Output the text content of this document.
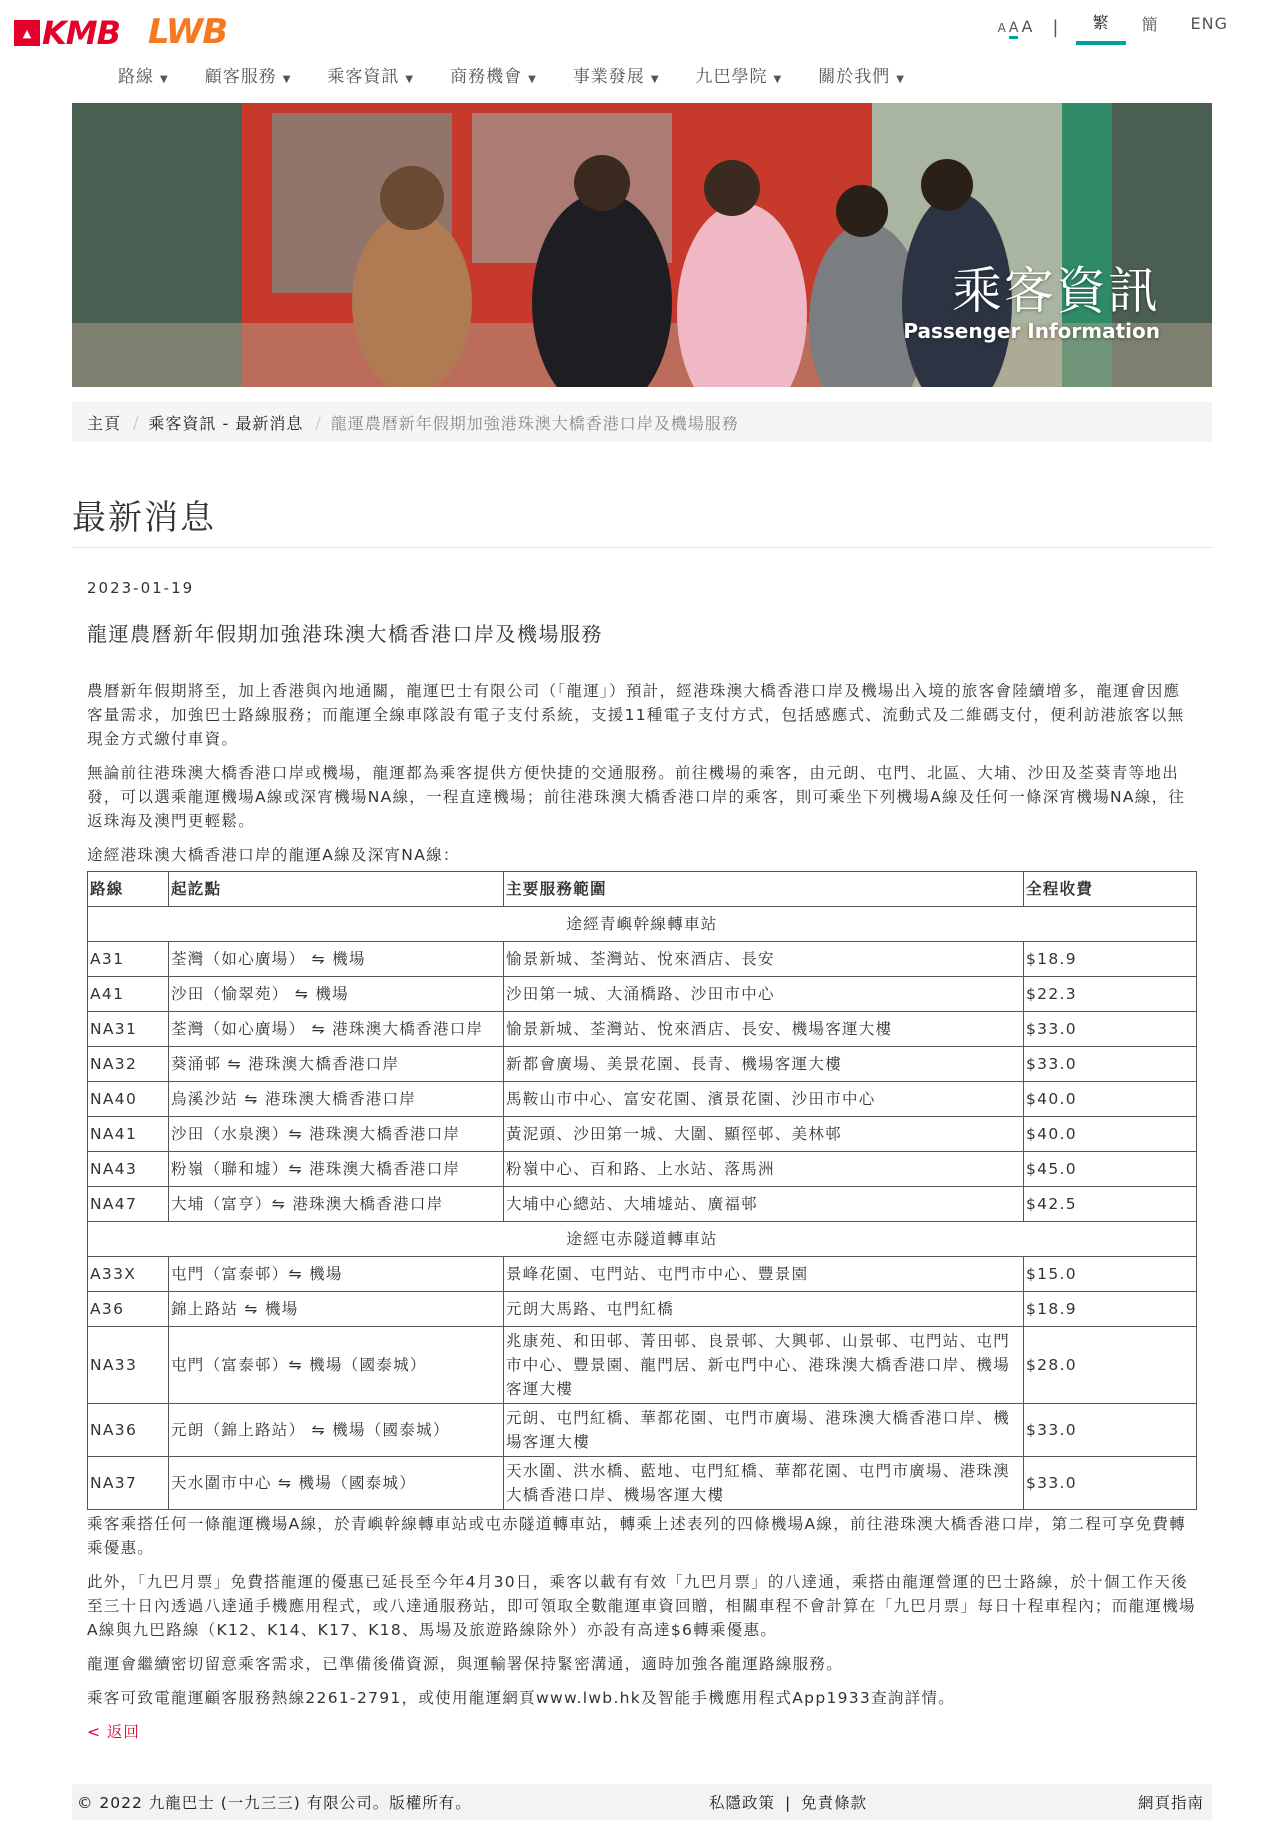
▲ KMB LWB	A A A |	繁	簡	ENG
路線 ▼ 顧客服務 ▼ 乘客資訊 ▼ 商務機會 ▼ 事業發展 ▼ 九巴學院 ▼ 關於我們 ▼
乘客資訊
Passenger Information
主頁 / 乘客資訊 - 最新消息 / 龍運農曆新年假期加強港珠澳大橋香港口岸及機場服務
最新消息
2023-01-19
龍運農曆新年假期加強港珠澳大橋香港口岸及機場服務

農曆新年假期將至，加上香港與內地通關，龍運巴士有限公司（「龍運」）預計，經港珠澳大橋香港口岸及機場出入境的旅客會陸續增多，龍運會因應客量需求，加強巴士路線服務；而龍運全線車隊設有電子支付系統，支援11種電子支付方式，包括感應式、流動式及二維碼支付，便利訪港旅客以無現金方式繳付車資。

無論前往港珠澳大橋香港口岸或機場，龍運都為乘客提供方便快捷的交通服務。前往機場的乘客，由元朗、屯門、北區、大埔、沙田及荃葵青等地出發，可以選乘龍運機場A線或深宵機場NA線，一程直達機場；前往港珠澳大橋香港口岸的乘客，則可乘坐下列機場A線及任何一條深宵機場NA線，往返珠海及澳門更輕鬆。

途經港珠澳大橋香港口岸的龍運A線及深宵NA線：

路線	起訖點	主要服務範圍	全程收費
途經青嶼幹線轉車站			
A31	荃灣（如心廣場） ⇋ 機場	愉景新城、荃灣站、悅來酒店、長安	$18.9
A41	沙田（愉翠苑） ⇋ 機場	沙田第一城、大涌橋路、沙田市中心	$22.3
NA31	荃灣（如心廣場） ⇋ 港珠澳大橋香港口岸	愉景新城、荃灣站、悅來酒店、長安、機場客運大樓	$33.0
NA32	葵涌邨 ⇋ 港珠澳大橋香港口岸	新都會廣場、美景花園、長青、機場客運大樓	$33.0
NA40	烏溪沙站 ⇋ 港珠澳大橋香港口岸	馬鞍山市中心、富安花園、濱景花園、沙田市中心	$40.0
NA41	沙田（水泉澳）⇋ 港珠澳大橋香港口岸	黃泥頭、沙田第一城、大圍、顯徑邨、美林邨	$40.0
NA43	粉嶺（聯和墟）⇋ 港珠澳大橋香港口岸	粉嶺中心、百和路、上水站、落馬洲	$45.0
NA47	大埔（富亨）⇋ 港珠澳大橋香港口岸	大埔中心總站、大埔墟站、廣福邨	$42.5
途經屯赤隧道轉車站			
A33X	屯門（富泰邨）⇋ 機場	景峰花園、屯門站、屯門市中心、豐景園	$15.0
A36	錦上路站 ⇋ 機場	元朗大馬路、屯門紅橋	$18.9
NA33	屯門（富泰邨）⇋ 機場（國泰城）	兆康苑、和田邨、菁田邨、良景邨、大興邨、山景邨、屯門站、屯門市中心、豐景園、龍門居、新屯門中心、港珠澳大橋香港口岸、機場客運大樓	$28.0
NA36	元朗（錦上路站） ⇋ 機場（國泰城）	元朗、屯門紅橋、華都花園、屯門市廣場、港珠澳大橋香港口岸、機場客運大樓	$33.0
NA37	天水圍市中心 ⇋ 機場（國泰城）	天水圍、洪水橋、藍地、屯門紅橋、華都花園、屯門市廣場、港珠澳大橋香港口岸、機場客運大樓	$33.0

乘客乘搭任何一條龍運機場A線，於青嶼幹線轉車站或屯赤隧道轉車站，轉乘上述表列的四條機場A線，前往港珠澳大橋香港口岸，第二程可享免費轉乘優惠。

此外，「九巴月票」免費搭龍運的優惠已延長至今年4月30日，乘客以載有有效「九巴月票」的八達通，乘搭由龍運營運的巴士路線，於十個工作天後至三十日內透過八達通手機應用程式，或八達通服務站，即可領取全數龍運車資回贈，相關車程不會計算在「九巴月票」每日十程車程內；而龍運機場A線與九巴路線（K12、K14、K17、K18、馬場及旅遊路線除外）亦設有高達$6轉乘優惠。

龍運會繼續密切留意乘客需求，已準備後備資源，與運輸署保持緊密溝通，適時加強各龍運路線服務。

乘客可致電龍運顧客服務熱線2261-2791，或使用龍運網頁www.lwb.hk及智能手機應用程式App1933查詢詳情。

< 返回
© 2022 九龍巴士 (一九三三) 有限公司。版權所有。	私隱政策 | 免責條款	網頁指南
